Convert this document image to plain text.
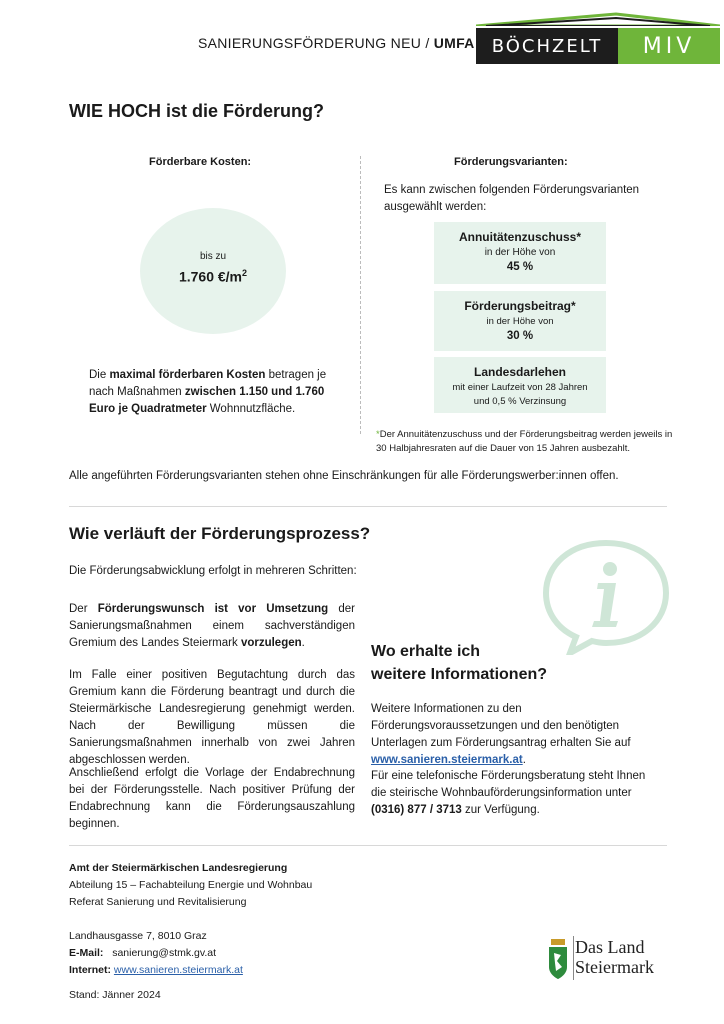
SANIERUNGSFÖRDERUNG NEU / UMFA BÖCHZELT	MIV
WIE HOCH ist die Förderung?
Förderbare Kosten:
bis zu
1.760 $€/m^2$
Die maximal förderbaren Kosten betragen je nach Maßnahmen zwischen 1.150 und 1.760 Euro je Quadratmeter Wohnnutzfläche.
Förderungsvarianten:
Es kann zwischen folgenden Förderungsvarianten ausgewählt werden:
Annuitätenzuschuss*
in der Höhe von
45 %
Förderungsbeitrag*
in der Höhe von
30 %
Landesdarlehen
mit einer Laufzeit von 28 Jahren
und 0,5 % Verzinsung
*Der Annuitätenzuschuss und der Förderungsbeitrag werden jeweils in 30 Halbjahresraten auf die Dauer von 15 Jahren ausbezahlt.
Alle angeführten Förderungsvarianten stehen ohne Einschränkungen für alle Förderungswerber:innen offen.
Wie verläuft der Förderungsprozess?
Die Förderungsabwicklung erfolgt in mehreren Schritten:
Der Förderungswunsch ist vor Umsetzung der Sanierungsmaßnahmen einem sachverständigen Gremium des Landes Steiermark vorzulegen.
Im Falle einer positiven Begutachtung durch das Gremium kann die Förderung beantragt und durch die Steiermärkische Landesregierung genehmigt werden. Nach der Bewilligung müssen die Sanierungsmaßnahmen innerhalb von zwei Jahren abgeschlossen werden.
Anschließend erfolgt die Vorlage der Endabrechnung bei der Förderungsstelle. Nach positiver Prüfung der Endabrechnung kann die Förderungsauszahlung beginnen.
Wo erhalte ich
weitere Informationen?
Weitere Informationen zu den Förderungsvoraussetzungen und den benötigten Unterlagen zum Förderungsantrag erhalten Sie auf www.sanieren.steiermark.at.
Für eine telefonische Förderungsberatung steht Ihnen die steirische Wohnbauförderungsinformation unter (0316) 877 / 3713 zur Verfügung.
Amt der Steiermärkischen Landesregierung
Abteilung 15 – Fachabteilung Energie und Wohnbau
Referat Sanierung und Revitalisierung
Landhausgasse 7, 8010 Graz
E-Mail: sanierung@stmk.gv.at
Internet: www.sanieren.steiermark.at
Stand: Jänner 2024
Das Land
Steiermark
